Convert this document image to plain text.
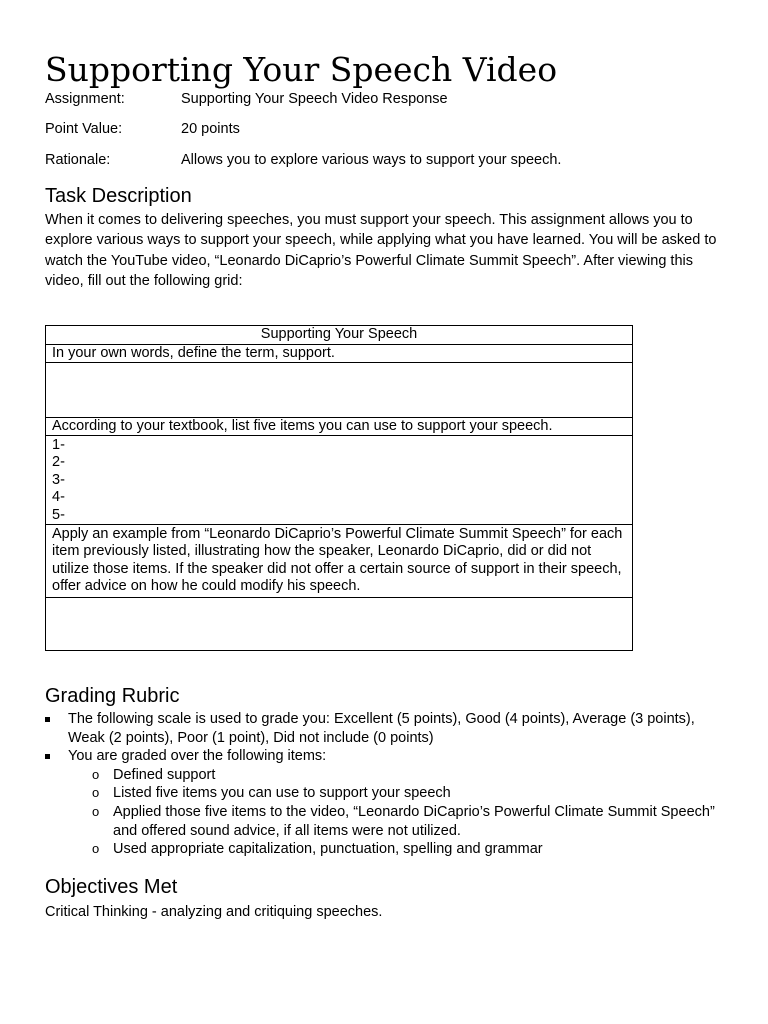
Supporting Your Speech Video
Assignment:	Supporting Your Speech Video Response
Point Value:	20 points
Rationale:	Allows you to explore various ways to support your speech.
Task Description

When it comes to delivering speeches, you must support your speech. This assignment allows you to explore various ways to support your speech, while applying what you have learned. You will be asked to watch the YouTube video, “Leonardo DiCaprio’s Powerful Climate Summit Speech”. After viewing this video, fill out the following grid:

Supporting Your Speech
In your own words, define the term, support.
According to your textbook, list five items you can use to support your speech.
1-
2-
3-
4-
5-
Apply an example from “Leonardo DiCaprio’s Powerful Climate Summit Speech” for each item previously listed, illustrating how the speaker, Leonardo DiCaprio, did or did not utilize those items. If the speaker did not offer a certain source of support in their speech, offer advice on how he could modify his speech.
Grading Rubric
The following scale is used to grade you: Excellent (5 points), Good (4 points), Average (3 points), Weak (2 points), Poor (1 point), Did not include (0 points)
You are graded over the following items:
o Defined support
o Listed five items you can use to support your speech
o Applied those five items to the video, “Leonardo DiCaprio’s Powerful Climate Summit Speech” and offered sound advice, if all items were not utilized.
o Used appropriate capitalization, punctuation, spelling and grammar
Objectives Met

Critical Thinking - analyzing and critiquing speeches.
